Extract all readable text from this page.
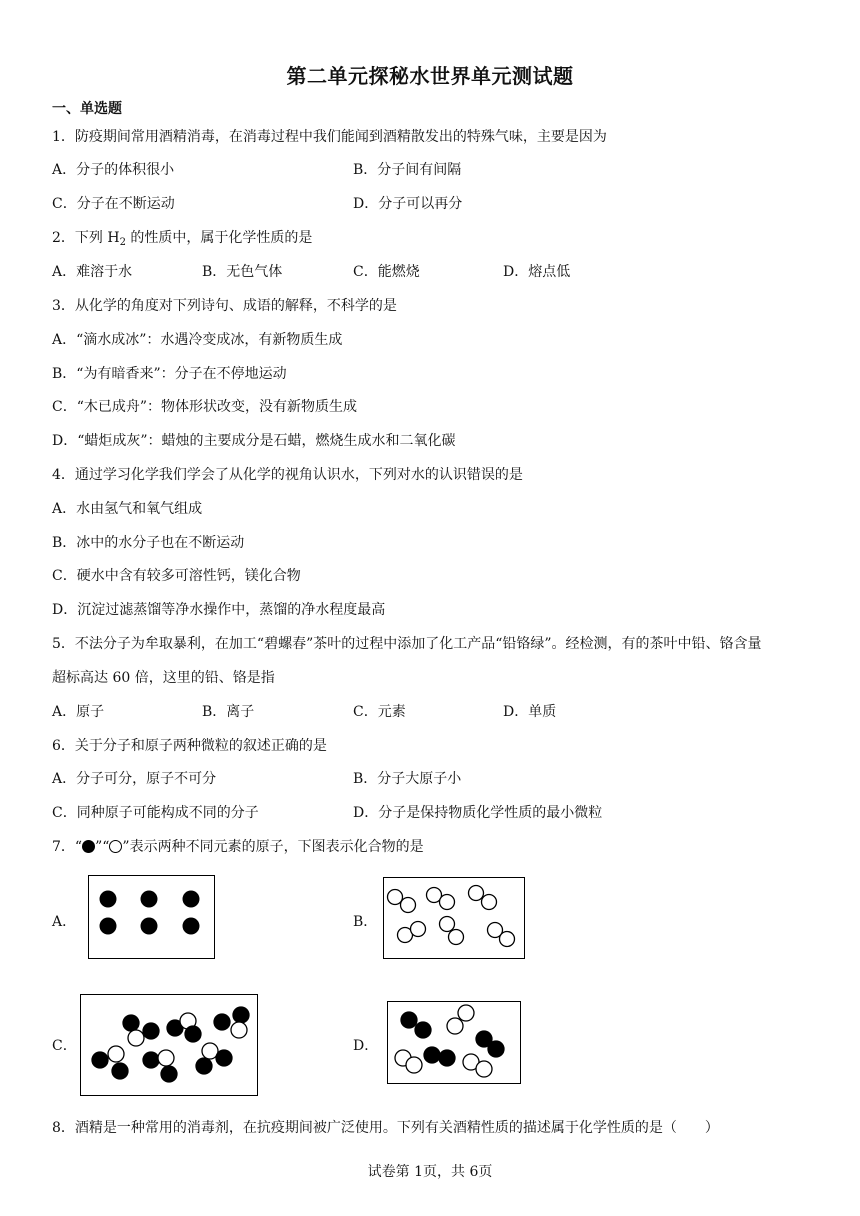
第二单元探秘水世界单元测试题
一、单选题
1．防疫期间常用酒精消毒，在消毒过程中我们能闻到酒精散发出的特殊气味，主要是因为
A．分子的体积很小	B．分子间有间隔
C．分子在不断运动	D．分子可以再分
2．下列 $H_2$ 的性质中，属于化学性质的是
A．难溶于水	B．无色气体	C．能燃烧	D．熔点低
3．从化学的角度对下列诗句、成语的解释，不科学的是
A．“滴水成冰”：水遇冷变成冰，有新物质生成
B．“为有暗香来”：分子在不停地运动
C．“木已成舟”：物体形状改变，没有新物质生成
D．“蜡炬成灰”：蜡烛的主要成分是石蜡，燃烧生成水和二氧化碳
4．通过学习化学我们学会了从化学的视角认识水，下列对水的认识错误的是
A．水由氢气和氧气组成
B．冰中的水分子也在不断运动
C．硬水中含有较多可溶性钙，镁化合物
D．沉淀过滤蒸馏等净水操作中，蒸馏的净水程度最高
5．不法分子为牟取暴利，在加工“碧螺春”茶叶的过程中添加了化工产品“铅铬绿”。经检测，有的茶叶中铅、铬含量
超标高达 60 倍，这里的铅、铬是指
A．原子	B．离子	C．元素	D．单质
6．关于分子和原子两种微粒的叙述正确的是
A．分子可分，原子不可分	B．分子大原子小
C．同种原子可能构成不同的分子	D．分子是保持物质化学性质的最小微粒
7．“ ”“ ”表示两种不同元素的原子，下图表示化合物的是
A．	B．
C．	D．
8．酒精是一种常用的消毒剂，在抗疫期间被广泛使用。下列有关酒精性质的描述属于化学性质的是（　　）
试卷第 1页，共 6页
